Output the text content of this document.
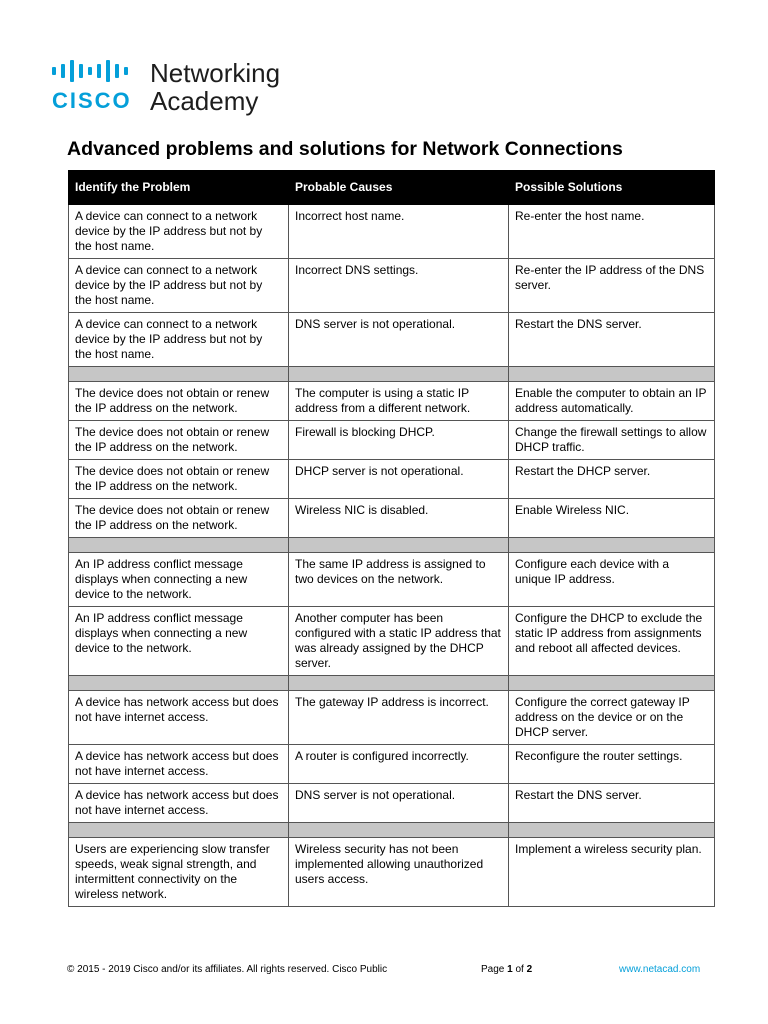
CISCO
Networking
Academy
Advanced problems and solutions for Network Connections
Identify the Problem	Probable Causes	Possible Solutions
A device can connect to a network device by the IP address but not by the host name.	Incorrect host name.	Re-enter the host name.
A device can connect to a network device by the IP address but not by the host name.	Incorrect DNS settings.	Re-enter the IP address of the DNS server.
A device can connect to a network device by the IP address but not by the host name.	DNS server is not operational.	Restart the DNS server.

The device does not obtain or renew the IP address on the network.	The computer is using a static IP address from a different network.	Enable the computer to obtain an IP address automatically.
The device does not obtain or renew the IP address on the network.	Firewall is blocking DHCP.	Change the firewall settings to allow DHCP traffic.
The device does not obtain or renew the IP address on the network.	DHCP server is not operational.	Restart the DHCP server.
The device does not obtain or renew the IP address on the network.	Wireless NIC is disabled.	Enable Wireless NIC.

An IP address conflict message displays when connecting a new device to the network.	The same IP address is assigned to two devices on the network.	Configure each device with a unique IP address.
An IP address conflict message displays when connecting a new device to the network.	Another computer has been configured with a static IP address that was already assigned by the DHCP server.	Configure the DHCP to exclude the static IP address from assignments and reboot all affected devices.

A device has network access but does not have internet access.	The gateway IP address is incorrect.	Configure the correct gateway IP address on the device or on the DHCP server.
A device has network access but does not have internet access.	A router is configured incorrectly.	Reconfigure the router settings.
A device has network access but does not have internet access.	DNS server is not operational.	Restart the DNS server.

Users are experiencing slow transfer speeds, weak signal strength, and intermittent connectivity on the wireless network.	Wireless security has not been implemented allowing unauthorized users access.	Implement a wireless security plan.
© 2015 - 2019 Cisco and/or its affiliates. All rights reserved. Cisco Public	Page 1 of 2	www.netacad.com
